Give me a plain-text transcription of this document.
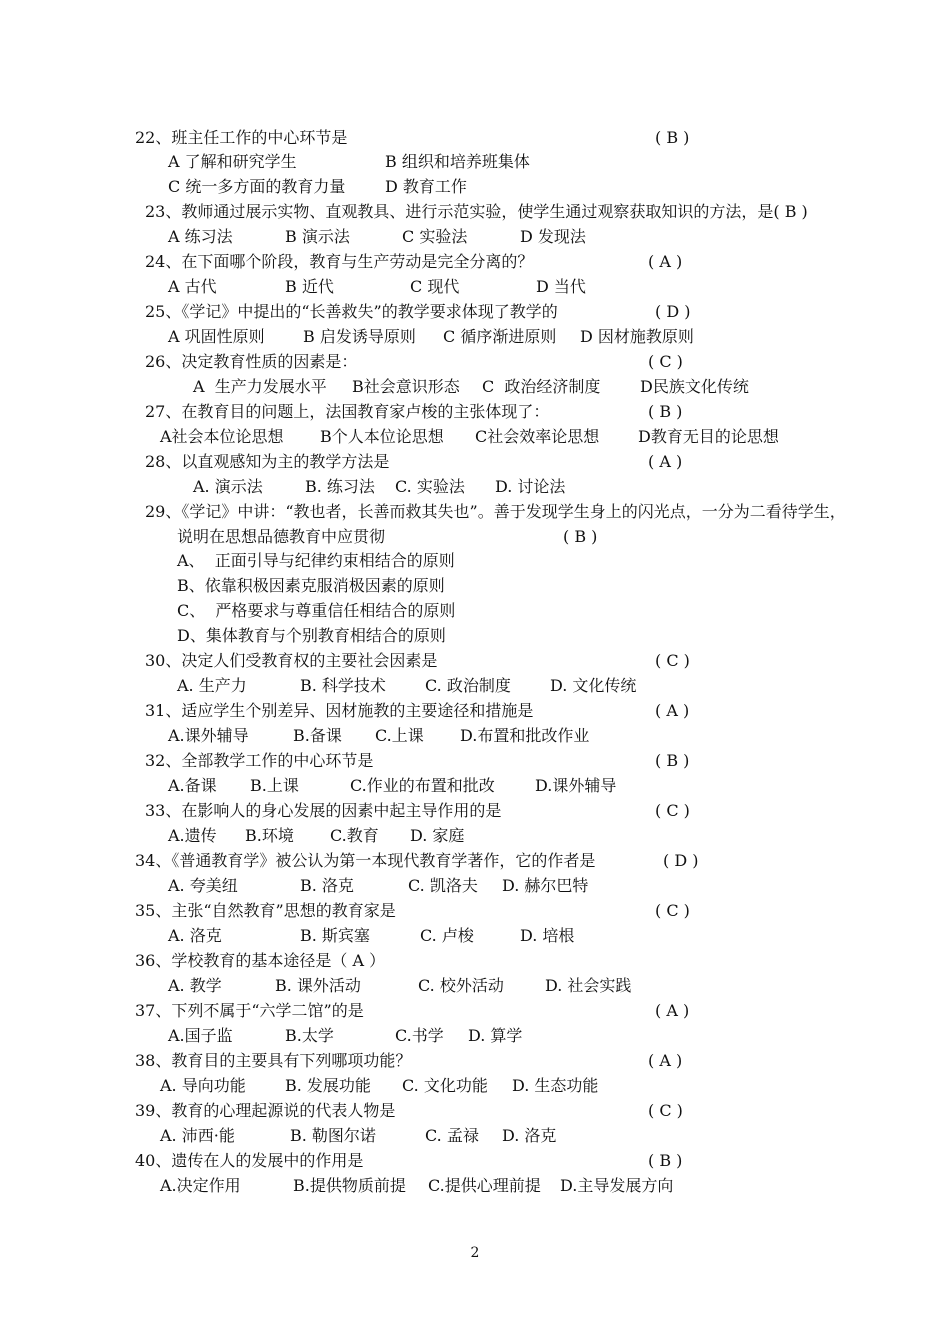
22、班主任工作的中心环节是	( B )
A 了解和研究学生	B 组织和培养班集体
C 统一多方面的教育力量 D 教育工作
23、教师通过展示实物、直观教具、进行示范实验，使学生通过观察获取知识的方法，是( B )
A 练习法	B 演示法	C 实验法	D 发现法
24、在下面哪个阶段，教育与生产劳动是完全分离的？	( A )
A 古代	B 近代	C 现代	D 当代
25、《学记》中提出的“长善救失”的教学要求体现了教学的	( D )
A 巩固性原则 B 启发诱导原则 C 循序渐进原则 D 因材施教原则
26、决定教育性质的因素是：	( C )
A  生产力发展水平 B社会意识形态 C  政治经济制度 D民族文化传统
27、在教育目的问题上，法国教育家卢梭的主张体现了：	( B )
A社会本位论思想 B个人本位论思想 C社会效率论思想 D教育无目的论思想
28、以直观感知为主的教学方法是	( A )
A. 演示法	B. 练习法 C. 实验法 D. 讨论法
29、《学记》中讲：“教也者，长善而救其失也”。善于发现学生身上的闪光点，一分为二看待学生，
说明在思想品德教育中应贯彻	( B )
A、  正面引导与纪律约束相结合的原则
B、依靠积极因素克服消极因素的原则
C、  严格要求与尊重信任相结合的原则
D、集体教育与个别教育相结合的原则
30、决定人们受教育权的主要社会因素是	( C )
A. 生产力	B. 科学技术 C. 政治制度 D. 文化传统
31、适应学生个别差异、因材施教的主要途径和措施是	( A )
A.课外辅导	B.备课 C.上课 D.布置和批改作业
32、全部教学工作的中心环节是	( B )
A.备课 B.上课	C.作业的布置和批改	D.课外辅导
33、在影响人的身心发展的因素中起主导作用的是	( C )
A.遗传 B.环境 C.教育 D. 家庭
34、《普通教育学》被公认为第一本现代教育学著作，它的作者是	( D )
A. 夸美纽	B. 洛克	C. 凯洛夫 D. 赫尔巴特
35、主张“自然教育”思想的教育家是	( C )
A. 洛克	B. 斯宾塞	C. 卢梭	D. 培根
36、学校教育的基本途径是（ A ）
A. 教学	B. 课外活动	C. 校外活动	D. 社会实践
37、下列不属于“六学二馆”的是	( A )
A.国子监	B.太学	C.书学 D. 算学
38、教育目的主要具有下列哪项功能？	( A )
A. 导向功能 B. 发展功能 C. 文化功能 D. 生态功能
39、教育的心理起源说的代表人物是	( C )
A. 沛西·能	B. 勒图尔诺	C. 孟禄 D. 洛克
40、遗传在人的发展中的作用是	( B )
A.决定作用	B.提供物质前提 C.提供心理前提 D.主导发展方向
2
